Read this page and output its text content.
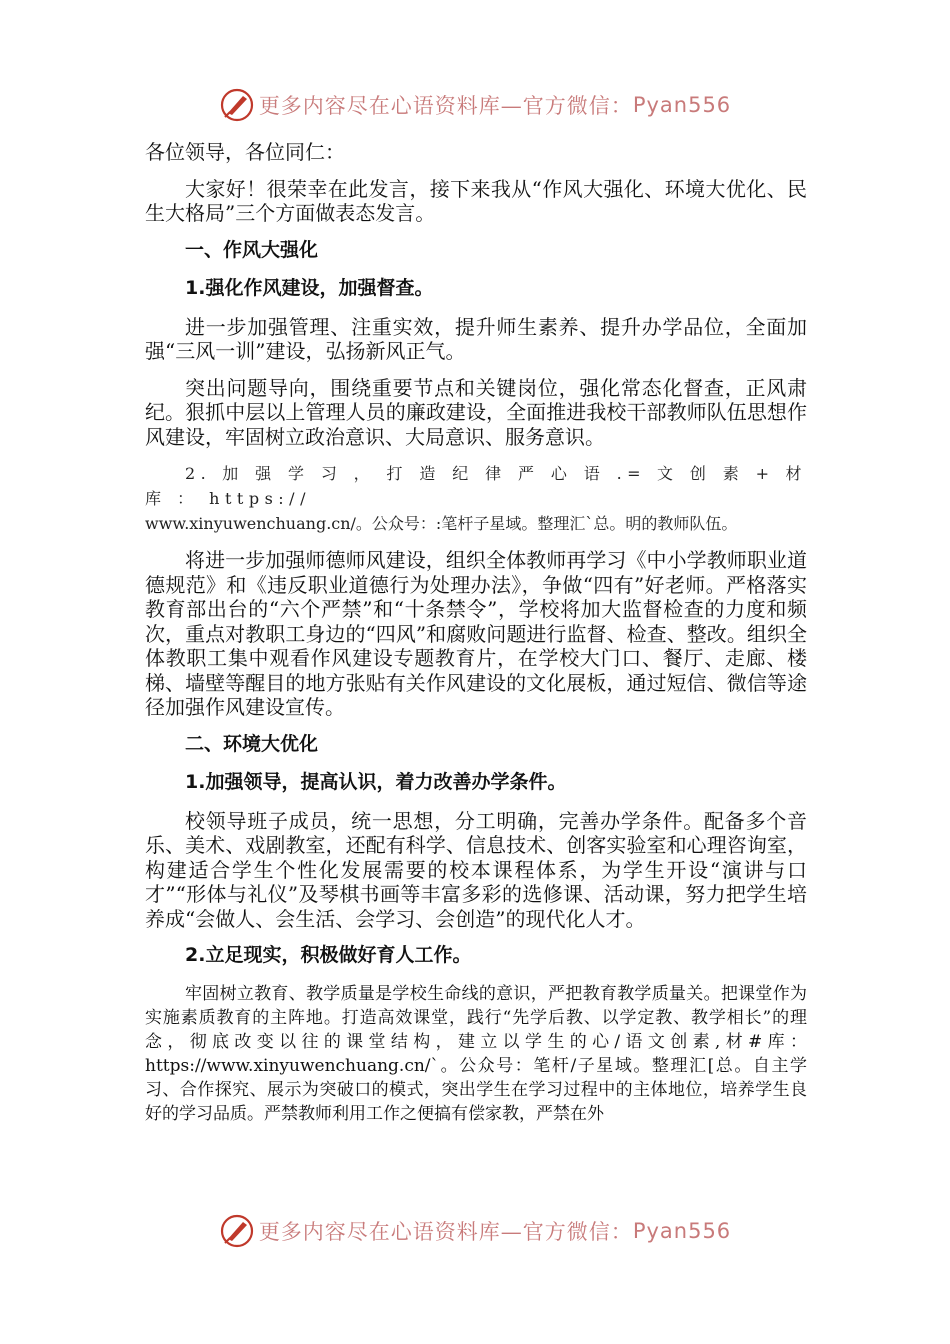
更多内容尽在心语资料库—官方微信： Pyan556

各位领导，各位同仁：

大家好！很荣幸在此发言，接下来我从“作风大强化、环境大优化、民生大格局”三个方面做表态发言。

一、作风大强化

1.强化作风建设，加强督查。

进一步加强管理、注重实效，提升师生素养、提升办学品位，全面加强“三风一训”建设，弘扬新风正气。

突出问题导向，围绕重要节点和关键岗位，强化常态化督查，正风肃纪。狠抓中层以上管理人员的廉政建设，全面推进我校干部教师队伍思想作风建设，牢固树立政治意识、大局意识、服务意识。

2. 加 强 学 习 ， 打 造 纪 律 严 心 语 .= 文 创 素 + 材 库 ： https://
www.xinyuwenchuang.cn/。公众号：:笔杆子星域。整理汇`总。明的教师队伍。

将进一步加强师德师风建设，组织全体教师再学习《中小学教师职业道德规范》和《违反职业道德行为处理办法》，争做“四有”好老师。严格落实教育部出台的“六个严禁”和“十条禁令”，学校将加大监督检查的力度和频次，重点对教职工身边的“四风”和腐败问题进行监督、检查、整改。组织全体教职工集中观看作风建设专题教育片，在学校大门口、餐厅、走廊、楼梯、墙壁等醒目的地方张贴有关作风建设的文化展板，通过短信、微信等途径加强作风建设宣传。

二、环境大优化

1.加强领导，提高认识，着力改善办学条件。

校领导班子成员，统一思想，分工明确，完善办学条件。配备多个音乐、美术、戏剧教室，还配有科学、信息技术、创客实验室和心理咨询室，构建适合学生个性化发展需要的校本课程体系，为学生开设“演讲与口才”“形体与礼仪”及琴棋书画等丰富多彩的选修课、活动课，努力把学生培养成“会做人、会生活、会学习、会创造”的现代化人才。

2.立足现实，积极做好育人工作。

牢固树立教育、教学质量是学校生命线的意识，严把教育教学质量关。把课堂作为实施素质教育的主阵地。打造高效课堂，践行“先学后教、以学定教、教学相长”的理念，彻底改变以往的课堂结构，建立以学生的心/语文创素,材#库：https://www.xinyuwenchuang.cn/`。公众号：笔杆/子星域。整理汇[总。自主学习、合作探究、展示为突破口的模式，突出学生在学习过程中的主体地位，培养学生良好的学习品质。严禁教师利用工作之便搞有偿家教，严禁在外

更多内容尽在心语资料库—官方微信： Pyan556
